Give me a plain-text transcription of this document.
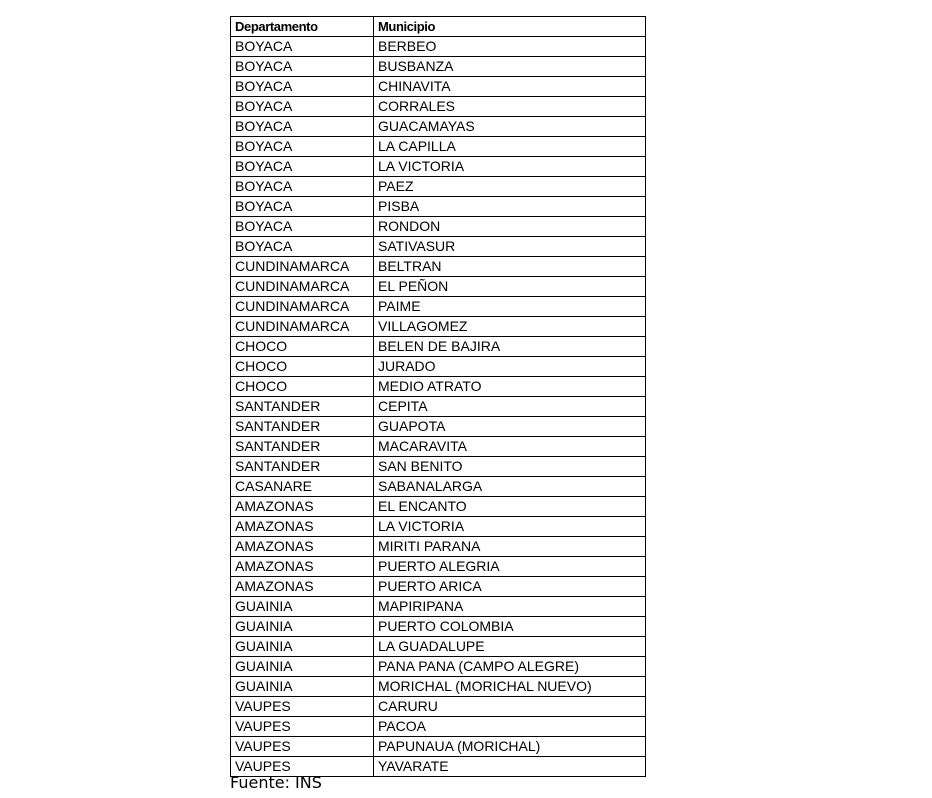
Departamento	Municipio
BOYACA	BERBEO
BOYACA	BUSBANZA
BOYACA	CHINAVITA
BOYACA	CORRALES
BOYACA	GUACAMAYAS
BOYACA	LA CAPILLA
BOYACA	LA VICTORIA
BOYACA	PAEZ
BOYACA	PISBA
BOYACA	RONDON
BOYACA	SATIVASUR
CUNDINAMARCA	BELTRAN
CUNDINAMARCA	EL PEÑON
CUNDINAMARCA	PAIME
CUNDINAMARCA	VILLAGOMEZ
CHOCO	BELEN DE BAJIRA
CHOCO	JURADO
CHOCO	MEDIO ATRATO
SANTANDER	CEPITA
SANTANDER	GUAPOTA
SANTANDER	MACARAVITA
SANTANDER	SAN BENITO
CASANARE	SABANALARGA
AMAZONAS	EL ENCANTO
AMAZONAS	LA VICTORIA
AMAZONAS	MIRITI PARANA
AMAZONAS	PUERTO ALEGRIA
AMAZONAS	PUERTO ARICA
GUAINIA	MAPIRIPANA
GUAINIA	PUERTO COLOMBIA
GUAINIA	LA GUADALUPE
GUAINIA	PANA PANA (CAMPO ALEGRE)
GUAINIA	MORICHAL (MORICHAL NUEVO)
VAUPES	CARURU
VAUPES	PACOA
VAUPES	PAPUNAUA (MORICHAL)
VAUPES	YAVARATE
Fuente: INS
